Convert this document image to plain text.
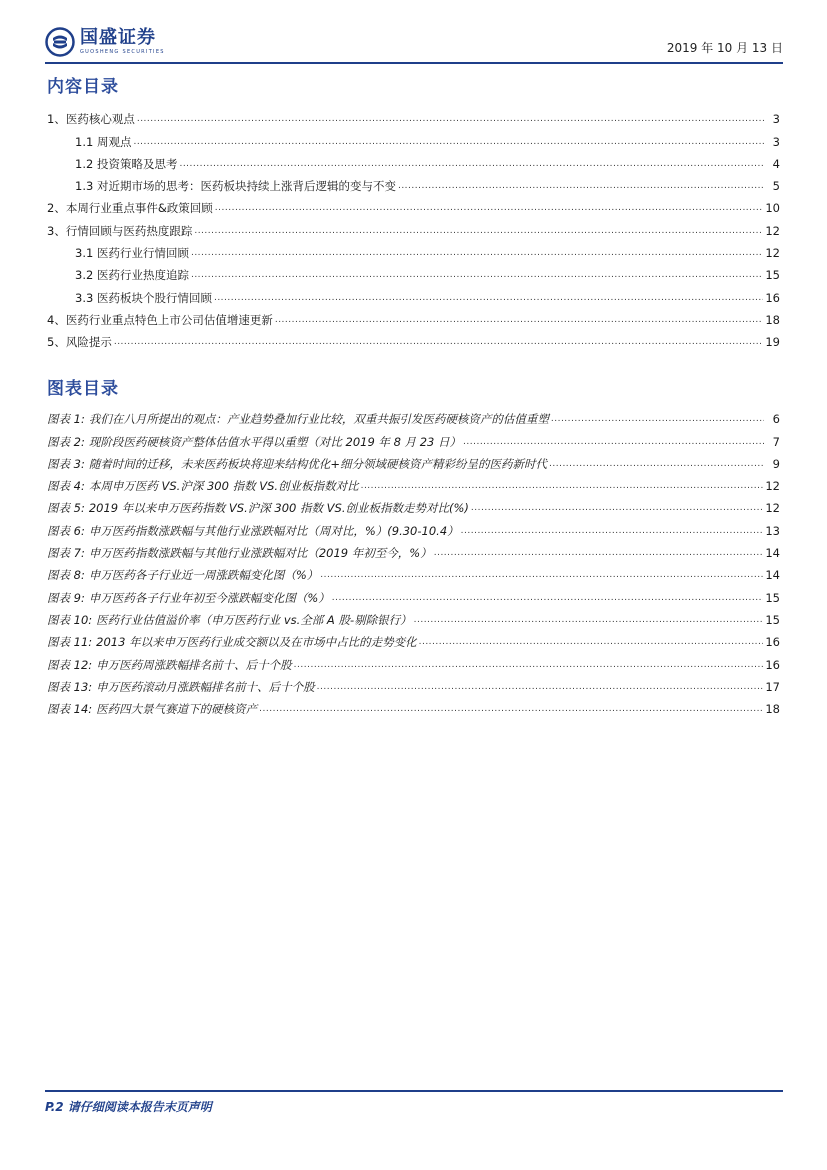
国盛证券
GUOSHENG SECURITIES	2019 年 10 月 13 日
内容目录
1、 医药核心观点 .....	3
1.1 周观点 .....	3
1.2 投资策略及思考 .....	4
1.3 对近期市场的思考：医药板块持续上涨背后逻辑的变与不变 .....	5
2、 本周行业重点事件&政策回顾 .....	10
3、 行情回顾与医药热度跟踪 .....	12
3.1 医药行业行情回顾 .....	12
3.2 医药行业热度追踪 .....	15
3.3 医药板块个股行情回顾 .....	16
4、 医药行业重点特色上市公司估值增速更新 .....	18
5、 风险提示 .....	19
图表目录
图表 1: 我们在八月所提出的观点：产业趋势叠加行业比较，双重共振引发医药硬核资产的估值重塑 .....	6
图表 2: 现阶段医药硬核资产整体估值水平得以重塑（对比 2019 年 8 月 23 日） .....	7
图表 3: 随着时间的迁移，未来医药板块将迎来结构优化+细分领域硬核资产精彩纷呈的医药新时代 .....	9
图表 4: 本周申万医药 VS.沪深 300 指数 VS.创业板指数对比 .....	12
图表 5: 2019 年以来申万医药指数 VS.沪深 300 指数 VS.创业板指数走势对比(%) .....	12
图表 6: 申万医药指数涨跌幅与其他行业涨跌幅对比（周对比，%）(9.30-10.4） .....	13
图表 7: 申万医药指数涨跌幅与其他行业涨跌幅对比（2019 年初至今，%） .....	14
图表 8: 申万医药各子行业近一周涨跌幅变化图（%） .....	14
图表 9: 申万医药各子行业年初至今涨跌幅变化图（%） .....	15
图表 10: 医药行业估值溢价率（申万医药行业 vs.全部 A 股-剔除银行） .....	15
图表 11: 2013 年以来申万医药行业成交额以及在市场中占比的走势变化 .....	16
图表 12: 申万医药周涨跌幅排名前十、后十个股 .....	16
图表 13: 申万医药滚动月涨跌幅排名前十、后十个股 .....	17
图表 14: 医药四大景气赛道下的硬核资产 .....	18
P.2 请仔细阅读本报告末页声明
